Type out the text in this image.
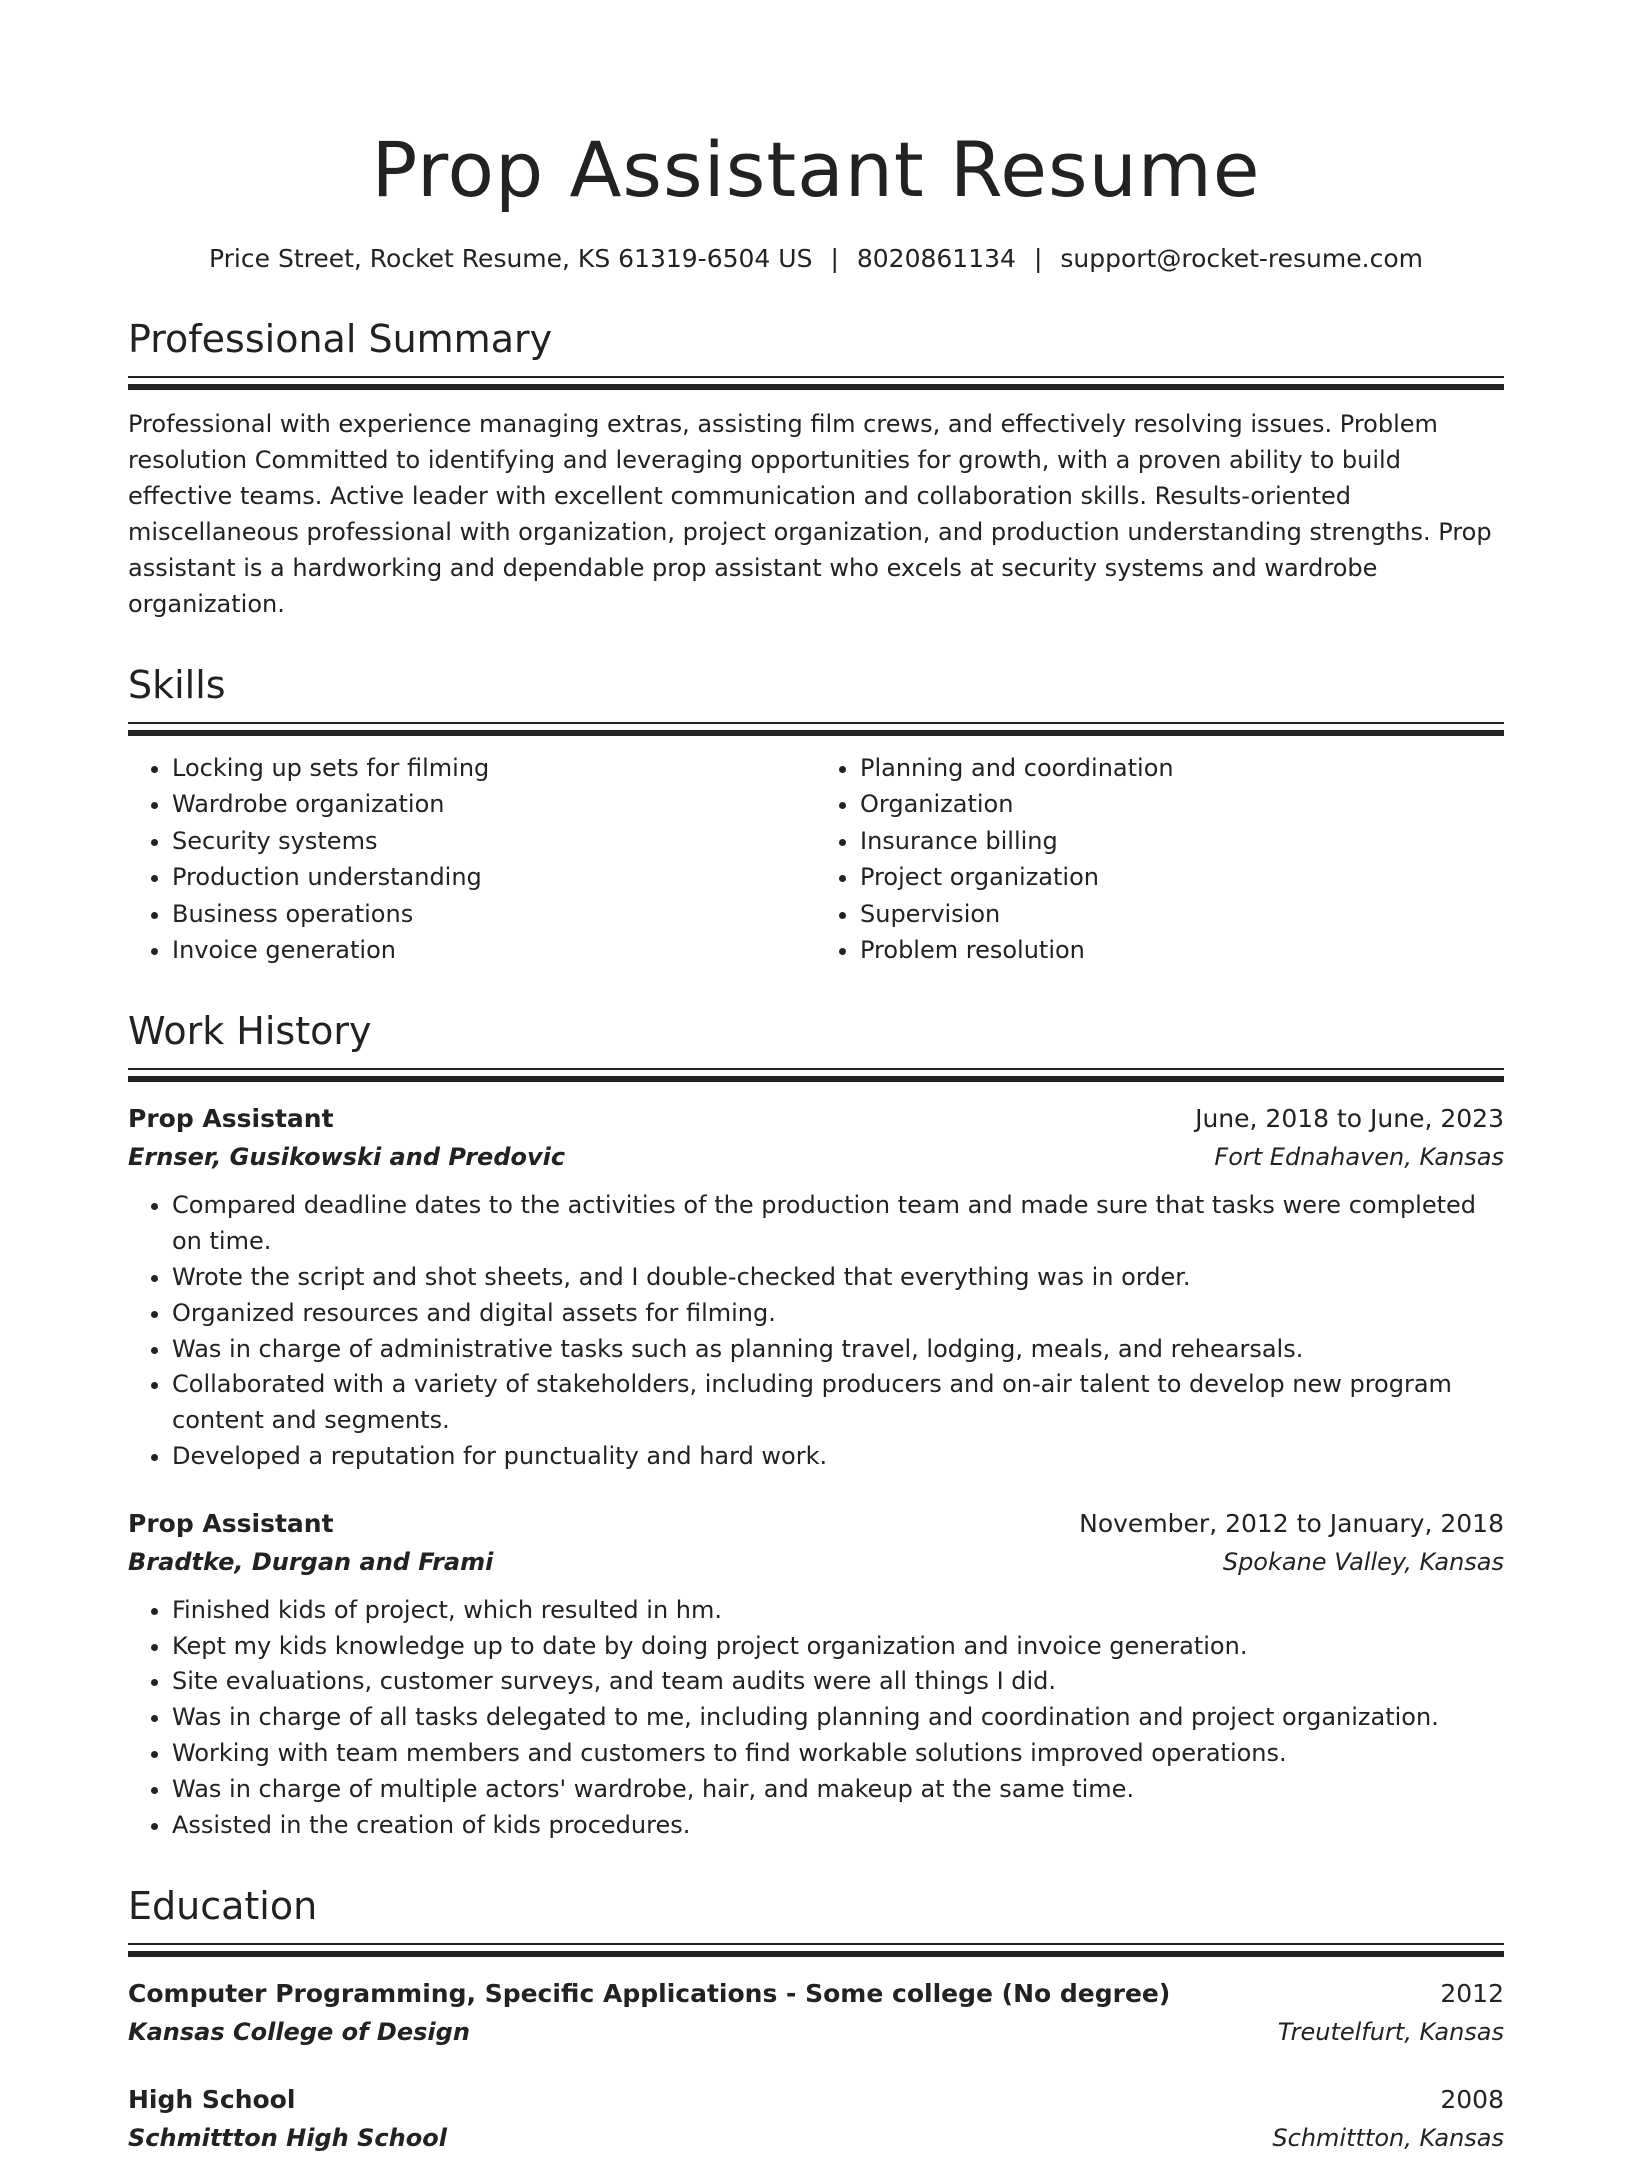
Prop Assistant Resume
Price Street, Rocket Resume, KS 61319-6504 US | 8020861134 | support@rocket-resume.com
Professional Summary

Professional with experience managing extras, assisting film crews, and effectively resolving issues. Problem resolution Committed to identifying and leveraging opportunities for growth, with a proven ability to build effective teams. Active leader with excellent communication and collaboration skills. Results-oriented miscellaneous professional with organization, project organization, and production understanding strengths. Prop assistant is a hardworking and dependable prop assistant who excels at security systems and wardrobe organization.

Skills
• Locking up sets for filming
• Wardrobe organization
• Security systems
• Production understanding
• Business operations
• Invoice generation
• Planning and coordination
• Organization
• Insurance billing
• Project organization
• Supervision
• Problem resolution
Work History
Prop Assistant	June, 2018 to June, 2023
Ernser, Gusikowski and Predovic	Fort Ednahaven, Kansas
• Compared deadline dates to the activities of the production team and made sure that tasks were completed on time.
• Wrote the script and shot sheets, and I double-checked that everything was in order.
• Organized resources and digital assets for filming.
• Was in charge of administrative tasks such as planning travel, lodging, meals, and rehearsals.
• Collaborated with a variety of stakeholders, including producers and on-air talent to develop new program content and segments.
• Developed a reputation for punctuality and hard work.
Prop Assistant	November, 2012 to January, 2018
Bradtke, Durgan and Frami	Spokane Valley, Kansas
• Finished kids of project, which resulted in hm.
• Kept my kids knowledge up to date by doing project organization and invoice generation.
• Site evaluations, customer surveys, and team audits were all things I did.
• Was in charge of all tasks delegated to me, including planning and coordination and project organization.
• Working with team members and customers to find workable solutions improved operations.
• Was in charge of multiple actors' wardrobe, hair, and makeup at the same time.
• Assisted in the creation of kids procedures.
Education
Computer Programming, Specific Applications - Some college (No degree)	2012
Kansas College of Design	Treutelfurt, Kansas
High School	2008
Schmittton High School	Schmittton, Kansas
